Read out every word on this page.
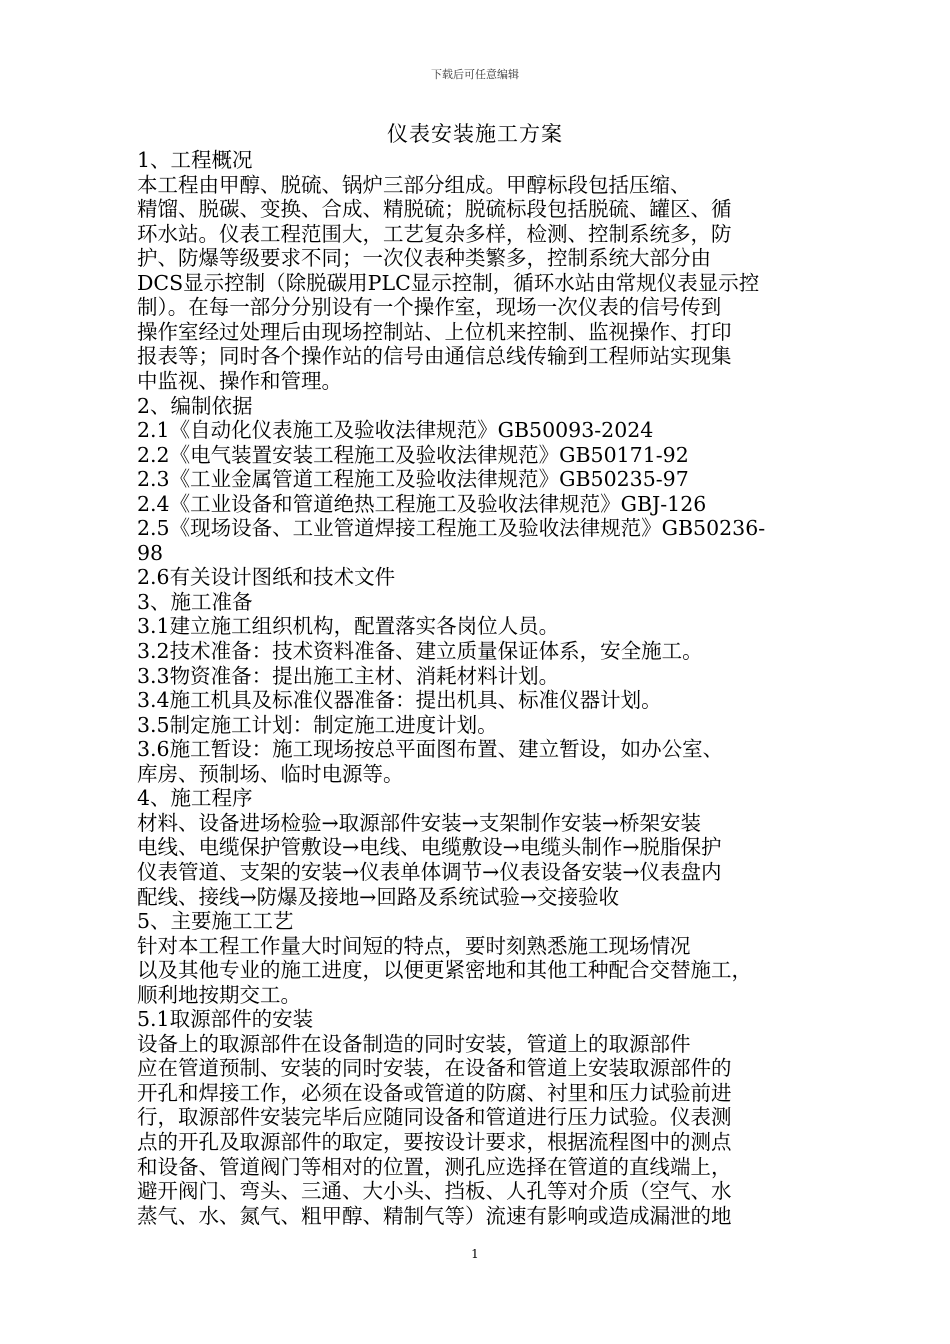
下载后可任意编辑
仪表安装施工方案
1、工程概况
本工程由甲醇、脱硫、锅炉三部分组成。甲醇标段包括压缩、
精馏、脱碳、变换、合成、精脱硫；脱硫标段包括脱硫、罐区、循
环水站。仪表工程范围大，工艺复杂多样，检测、控制系统多，防
护、防爆等级要求不同；一次仪表种类繁多，控制系统大部分由
DCS显示控制（除脱碳用PLC显示控制，循环水站由常规仪表显示控
制）。在每一部分分别设有一个操作室，现场一次仪表的信号传到
操作室经过处理后由现场控制站、上位机来控制、监视操作、打印
报表等；同时各个操作站的信号由通信总线传输到工程师站实现集
中监视、操作和管理。
2、编制依据
2.1《自动化仪表施工及验收法律规范》GB50093-2024
2.2《电气装置安装工程施工及验收法律规范》GB50171-92
2.3《工业金属管道工程施工及验收法律规范》GB50235-97
2.4《工业设备和管道绝热工程施工及验收法律规范》GBJ-126
2.5《现场设备、工业管道焊接工程施工及验收法律规范》GB50236-
98
2.6有关设计图纸和技术文件
3、施工准备
3.1建立施工组织机构，配置落实各岗位人员。
3.2技术准备：技术资料准备、建立质量保证体系，安全施工。
3.3物资准备：提出施工主材、消耗材料计划。
3.4施工机具及标准仪器准备：提出机具、标准仪器计划。
3.5制定施工计划：制定施工进度计划。
3.6施工暂设：施工现场按总平面图布置、建立暂设，如办公室、
库房、预制场、临时电源等。
4、施工程序
材料、设备进场检验→取源部件安装→支架制作安装→桥架安装
电线、电缆保护管敷设→电线、电缆敷设→电缆头制作→脱脂保护
仪表管道、支架的安装→仪表单体调节→仪表设备安装→仪表盘内
配线、接线→防爆及接地→回路及系统试验→交接验收
5、主要施工工艺
针对本工程工作量大时间短的特点，要时刻熟悉施工现场情况
以及其他专业的施工进度，以便更紧密地和其他工种配合交替施工，
顺利地按期交工。
5.1取源部件的安装
设备上的取源部件在设备制造的同时安装，管道上的取源部件
应在管道预制、安装的同时安装，在设备和管道上安装取源部件的
开孔和焊接工作，必须在设备或管道的防腐、衬里和压力试验前进
行，取源部件安装完毕后应随同设备和管道进行压力试验。仪表测
点的开孔及取源部件的取定，要按设计要求，根据流程图中的测点
和设备、管道阀门等相对的位置，测孔应选择在管道的直线端上，
避开阀门、弯头、三通、大小头、挡板、人孔等对介质（空气、水
蒸气、水、氮气、粗甲醇、精制气等）流速有影响或造成漏泄的地
1
